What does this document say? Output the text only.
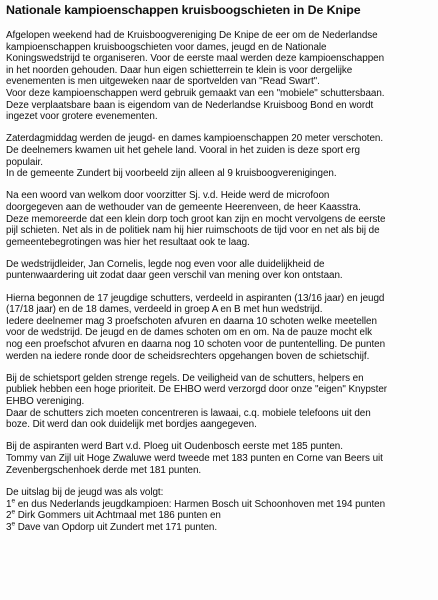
Nationale kampioenschappen kruisboogschieten in De Knipe
Afgelopen weekend had de Kruisboogvereniging De Knipe de eer om de Nederlandse
kampioenschappen kruisboogschieten voor dames, jeugd en de Nationale
Koningswedstrijd te organiseren. Voor de eerste maal werden deze kampioenschappen
in het noorden gehouden. Daar hun eigen schietterrein te klein is voor dergelijke
evenementen is men uitgeweken naar de sportvelden van "Read Swart".
Voor deze kampioenschappen werd gebruik gemaakt van een "mobiele" schuttersbaan.
Deze verplaatsbare baan is eigendom van de Nederlandse Kruisboog Bond en wordt
ingezet voor grotere evenementen.
Zaterdagmiddag werden de jeugd- en dames kampioenschappen 20 meter verschoten.
De deelnemers kwamen uit het gehele land. Vooral in het zuiden is deze sport erg
populair.
In de gemeente Zundert bij voorbeeld zijn alleen al 9 kruisboogverenigingen.
Na een woord van welkom door voorzitter Sj. v.d. Heide werd de microfoon
doorgegeven aan de wethouder van de gemeente Heerenveen, de heer Kaasstra.
Deze memoreerde dat een klein dorp toch groot kan zijn en mocht vervolgens de eerste
pijl schieten. Net als in de politiek nam hij hier ruimschoots de tijd voor en net als bij de
gemeentebegrotingen was hier het resultaat ook te laag.
De wedstrijdleider, Jan Cornelis, legde nog even voor alle duidelijkheid de
puntenwaardering uit zodat daar geen verschil van mening over kon ontstaan.
Hierna begonnen de 17 jeugdige schutters, verdeeld in aspiranten (13/16 jaar) en jeugd
(17/18 jaar) en de 18 dames, verdeeld in groep A en B met hun wedstrijd.
Iedere deelnemer mag 3 proefschoten afvuren en daarna 10 schoten welke meetellen
voor de wedstrijd. De jeugd en de dames schoten om en om. Na de pauze mocht elk
nog een proefschot afvuren en daarna nog 10 schoten voor de puntentelling. De punten
werden na iedere ronde door de scheidsrechters opgehangen boven de schietschijf.
Bij de schietsport gelden strenge regels. De veiligheid van de schutters, helpers en
publiek hebben een hoge prioriteit. De EHBO werd verzorgd door onze "eigen" Knypster
EHBO vereniging.
Daar de schutters zich moeten concentreren is lawaai, c.q. mobiele telefoons uit den
boze. Dit werd dan ook duidelijk met bordjes aangegeven.
Bij de aspiranten werd Bart v.d. Ploeg uit Oudenbosch eerste met 185 punten.
Tommy van Zijl uit Hoge Zwaluwe werd tweede met 183 punten en Corne van Beers uit
Zevenbergschenhoek derde met 181 punten.
De uitslag bij de jeugd was als volgt:
1e en dus Nederlands jeugdkampioen: Harmen Bosch uit Schoonhoven met 194 punten
2e Dirk Gommers uit Achtmaal met 186 punten en
3e Dave van Opdorp uit Zundert met 171 punten.
